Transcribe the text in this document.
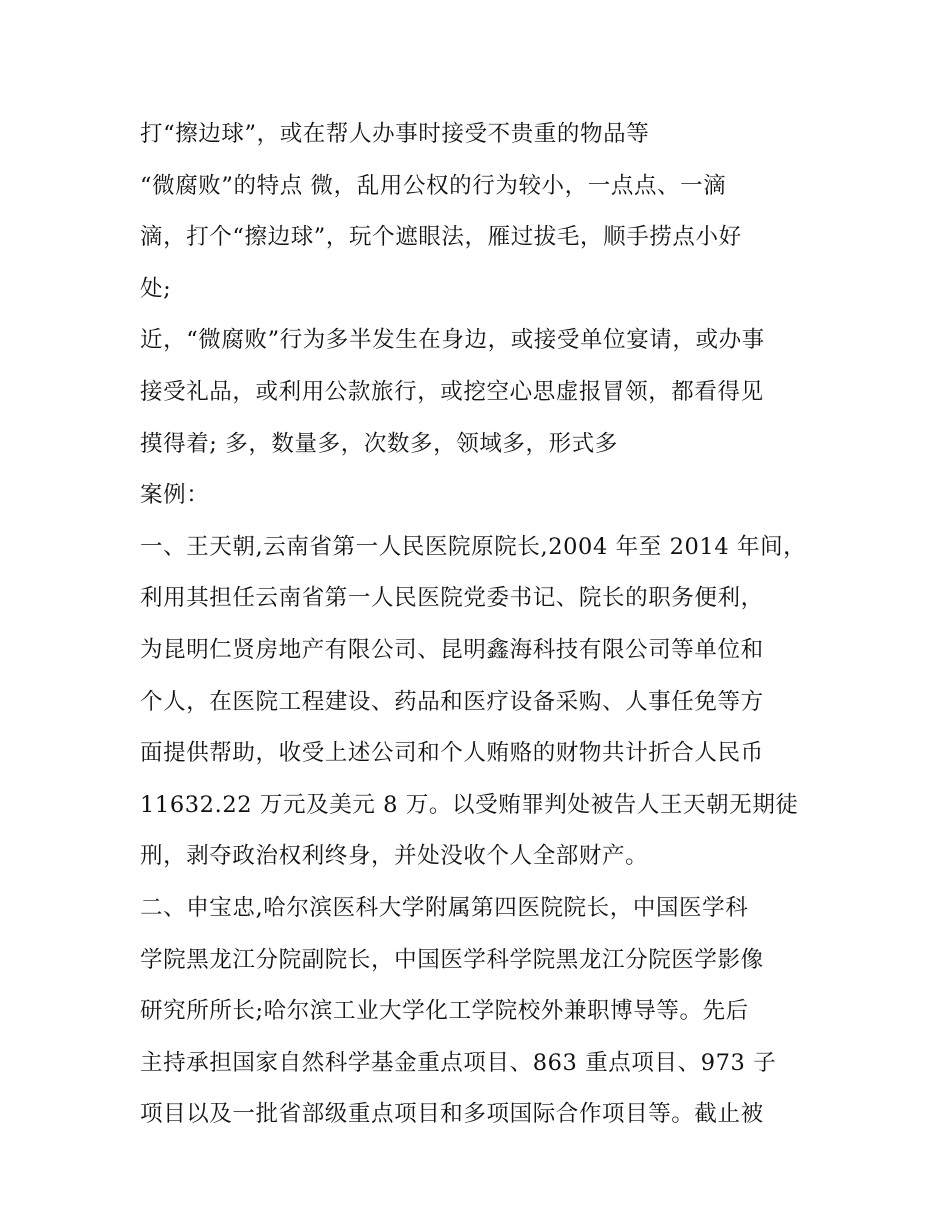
打“擦边球”，或在帮人办事时接受不贵重的物品等
“微腐败”的特点 微，乱用公权的行为较小，一点点、一滴
滴，打个“擦边球”，玩个遮眼法，雁过拔毛，顺手捞点小好
处;
近，“微腐败”行为多半发生在身边，或接受单位宴请，或办事
接受礼品，或利用公款旅行，或挖空心思虚报冒领，都看得见
摸得着; 多，数量多，次数多，领域多，形式多
案例：
一、王天朝,云南省第一人民医院原院长,2004 年至 2014 年间，
利用其担任云南省第一人民医院党委书记、院长的职务便利，
为昆明仁贤房地产有限公司、昆明鑫海科技有限公司等单位和
个人，在医院工程建设、药品和医疗设备采购、人事任免等方
面提供帮助，收受上述公司和个人贿赂的财物共计折合人民币
11632.22 万元及美元 8 万。以受贿罪判处被告人王天朝无期徒
刑，剥夺政治权利终身，并处没收个人全部财产。
二、申宝忠,哈尔滨医科大学附属第四医院院长，中国医学科
学院黑龙江分院副院长，中国医学科学院黑龙江分院医学影像
研究所所长;哈尔滨工业大学化工学院校外兼职博导等。先后
主持承担国家自然科学基金重点项目、863 重点项目、973 子
项目以及一批省部级重点项目和多项国际合作项目等。截止被
